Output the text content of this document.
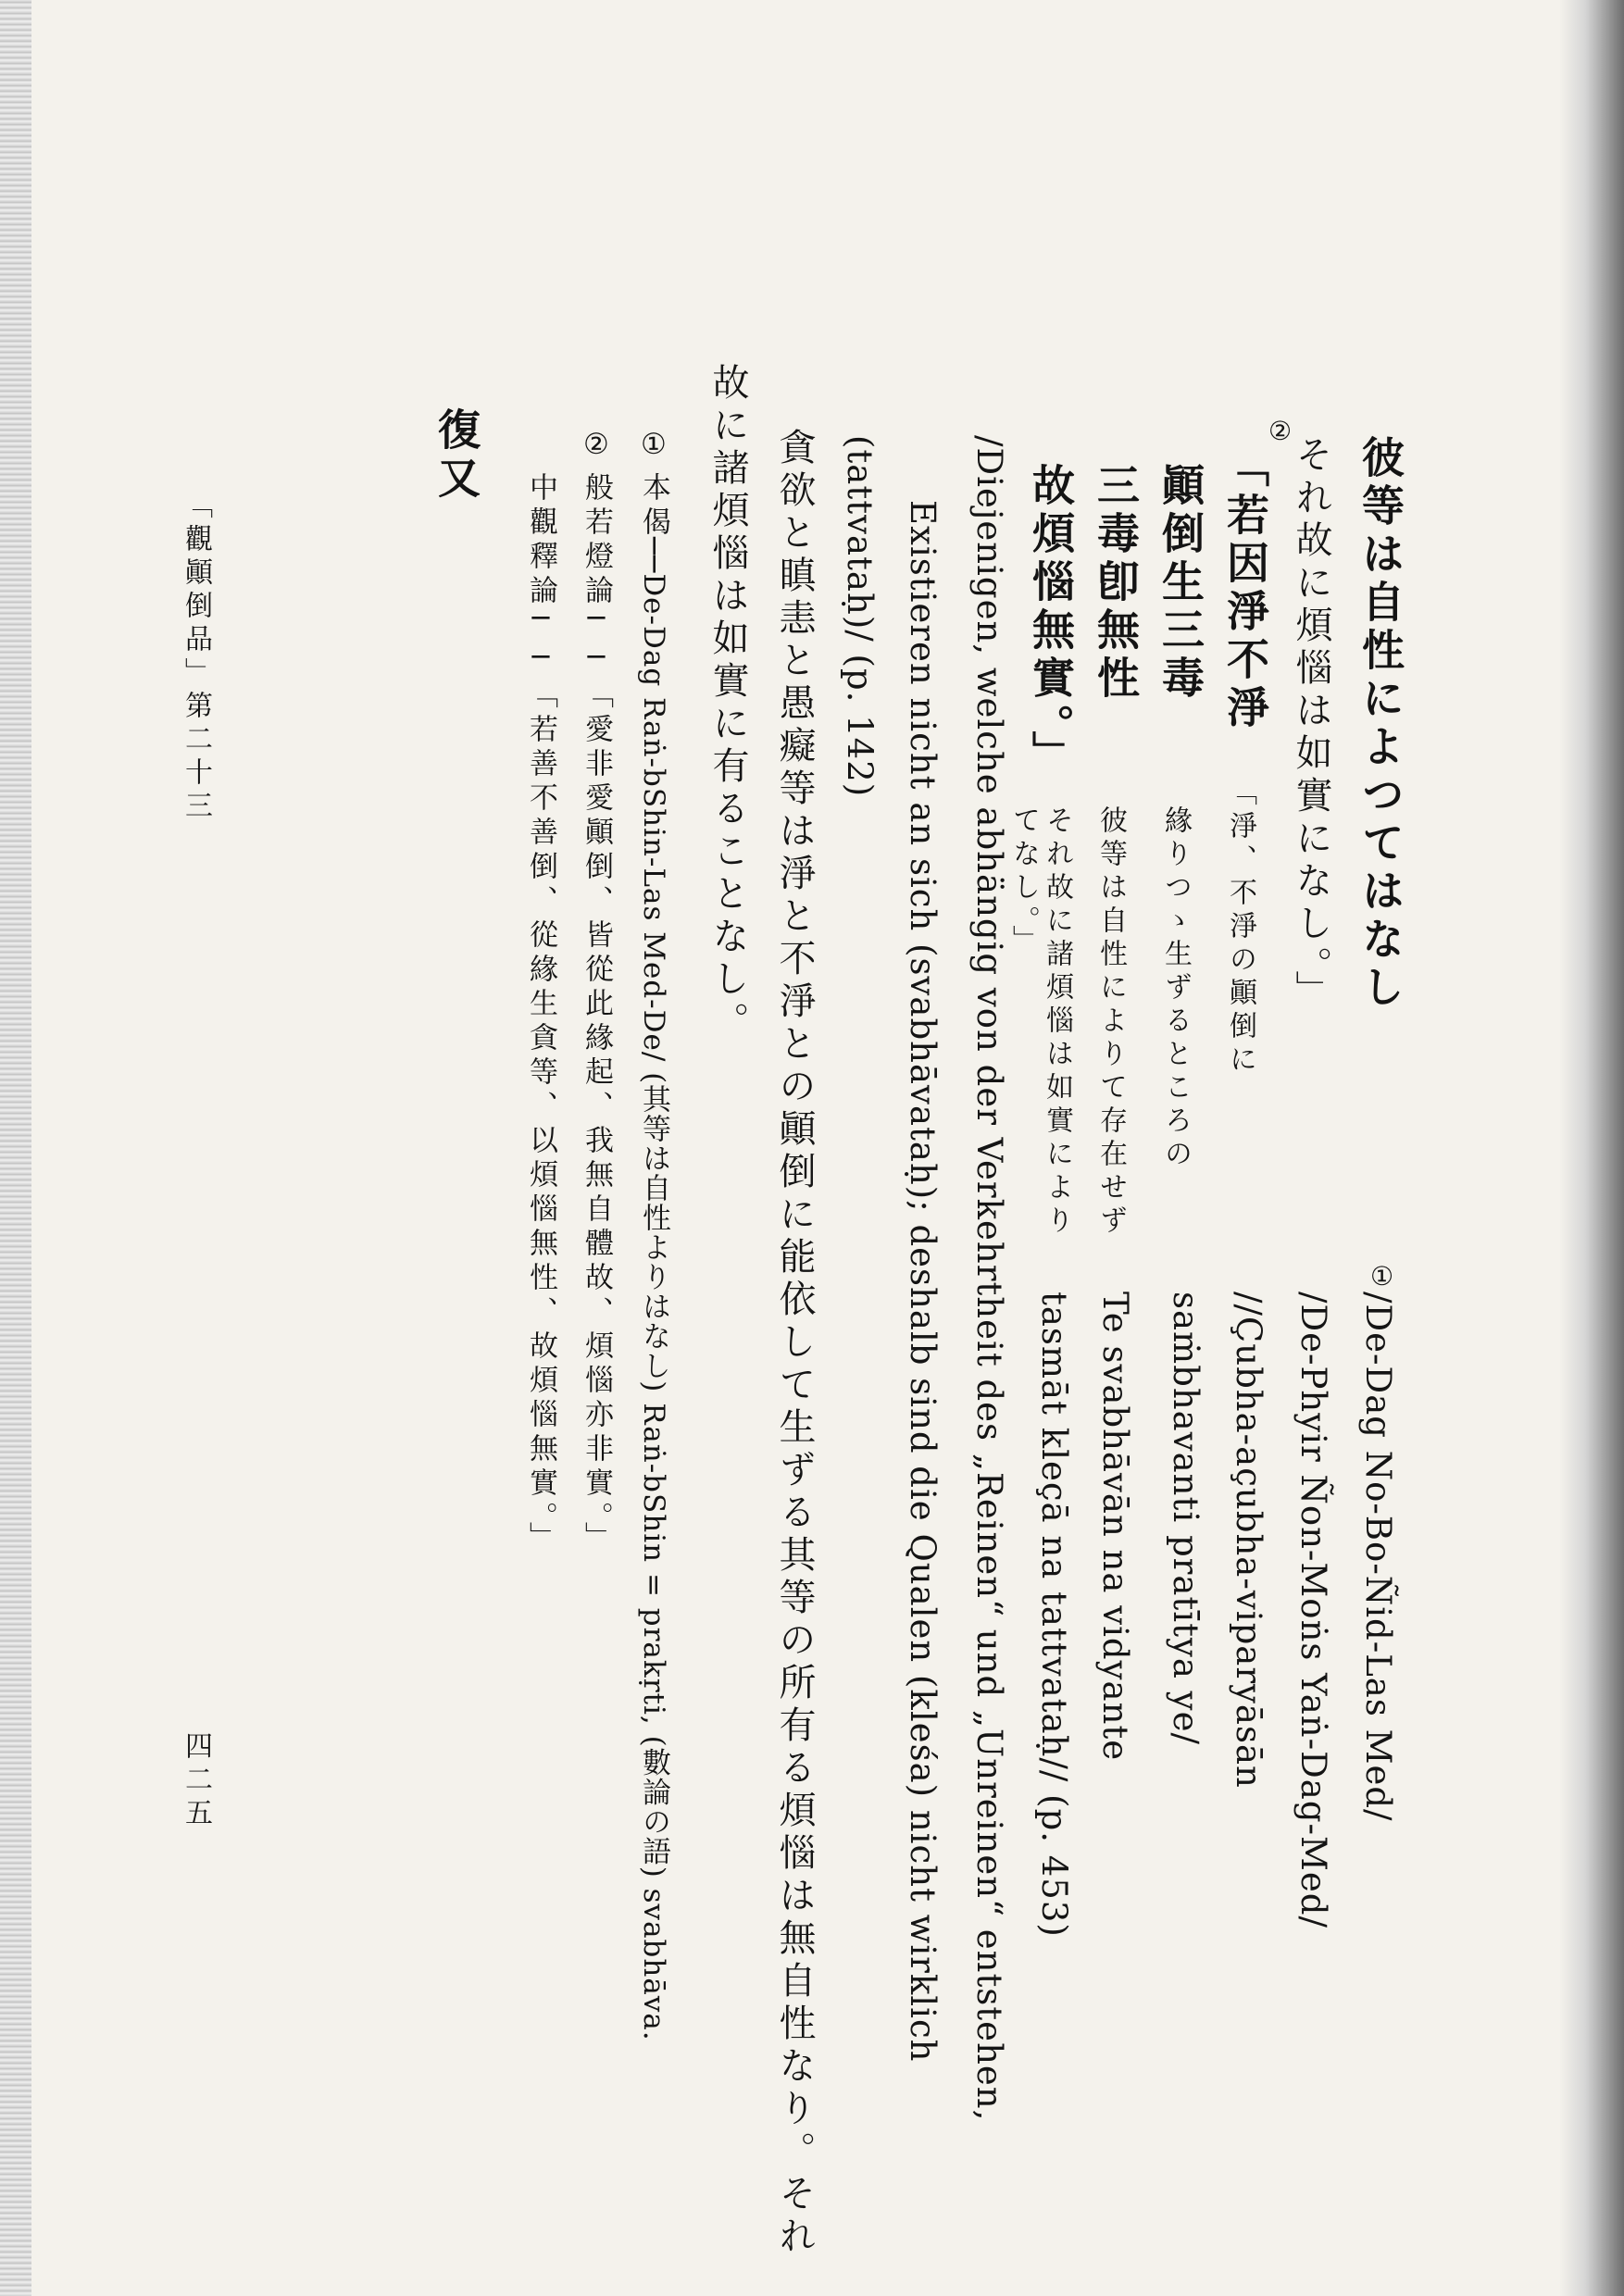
彼等は自性によつてはなし
それ故に煩惱は如實になし。」
②
「若因淨不淨
顚倒生三毒
三毒卽無性
故煩惱無實。」
「淨、不淨の顚倒に
緣りつゝ生ずるところの
彼等は自性によりて存在せず
それ故に諸煩惱は如實により
てなし。」
①
/De-Dag No-Bo-Ñid-Las Med/
/De-Phyir Ñon-Moṅs Yaṅ-Dag-Med/
//Çubha-açubha-viparyāsān
saṁbhavanti pratītya ye/
Te svabhāvān na vidyante
tasmāt kleçā na tattvataḥ// (p. 453)
/Diejenigen, welche abhängig von der Verkehrtheit des „Reinen“ und „Unreinen“ entstehen,
Existieren nicht an sich (svabhāvataḥ); deshalb sind die Qualen (kleśa) nicht wirklich
(tattvataḥ)/ (p. 142)
貪欲と瞋恚と愚癡等は淨と不淨との顚倒に能依して生ずる其等の所有る煩惱は無自性なり。それ
故に諸煩惱は如實に有ることなし。
①
本偈
──De-Dag Raṅ-bShin-Las Med-De/ (其等は自性よりはなし) Raṅ-bShin = prakṛti, (數論の語) svabhāva.
②
般若燈論
──「愛非愛顚倒、皆從此緣起、我無自體故、煩惱亦非實。」
中觀釋論
──「若善不善倒、從緣生貪等、以煩惱無性、故煩惱無實。」
復又
「觀顚倒品」第二十三
四二五
